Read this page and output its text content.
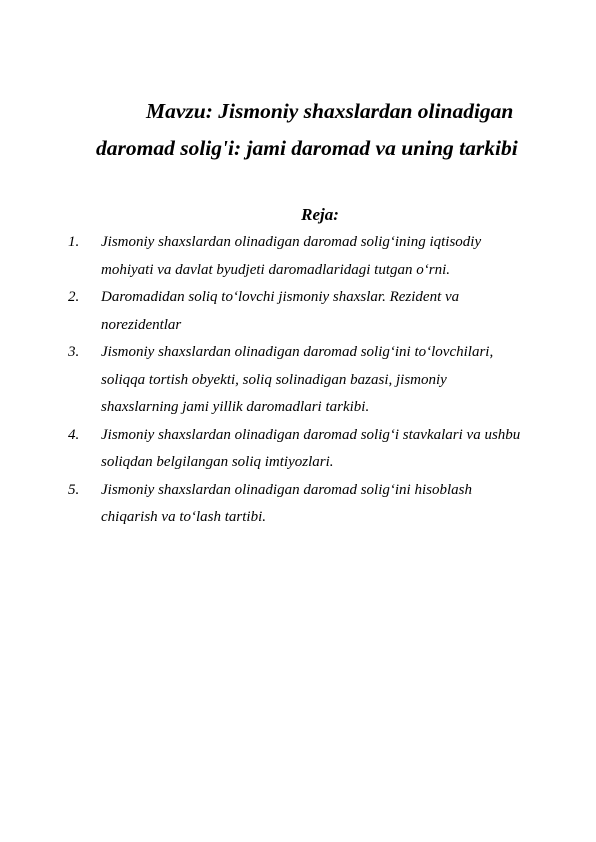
Mavzu: Jismoniy shaxslardan olinadigan
daromad solig'i: jami daromad va uning tarkibi
Reja:
1. Jismoniy shaxslardan olinadigan daromad solig‘ining iqtisodiy
mohiyati va davlat byudjeti daromadlaridagi tutgan o‘rni.
2. Daromadidan soliq to‘lovchi jismoniy shaxslar. Rezident va
norezidentlar
3. Jismoniy shaxslardan olinadigan daromad solig‘ini to‘lovchilari,
soliqqa tortish obyekti, soliq solinadigan bazasi, jismoniy
shaxslarning jami yillik daromadlari tarkibi.
4. Jismoniy shaxslardan olinadigan daromad solig‘i stavkalari va ushbu
soliqdan belgilangan soliq imtiyozlari.
5. Jismoniy shaxslardan olinadigan daromad solig‘ini hisoblash
chiqarish va to‘lash tartibi.
